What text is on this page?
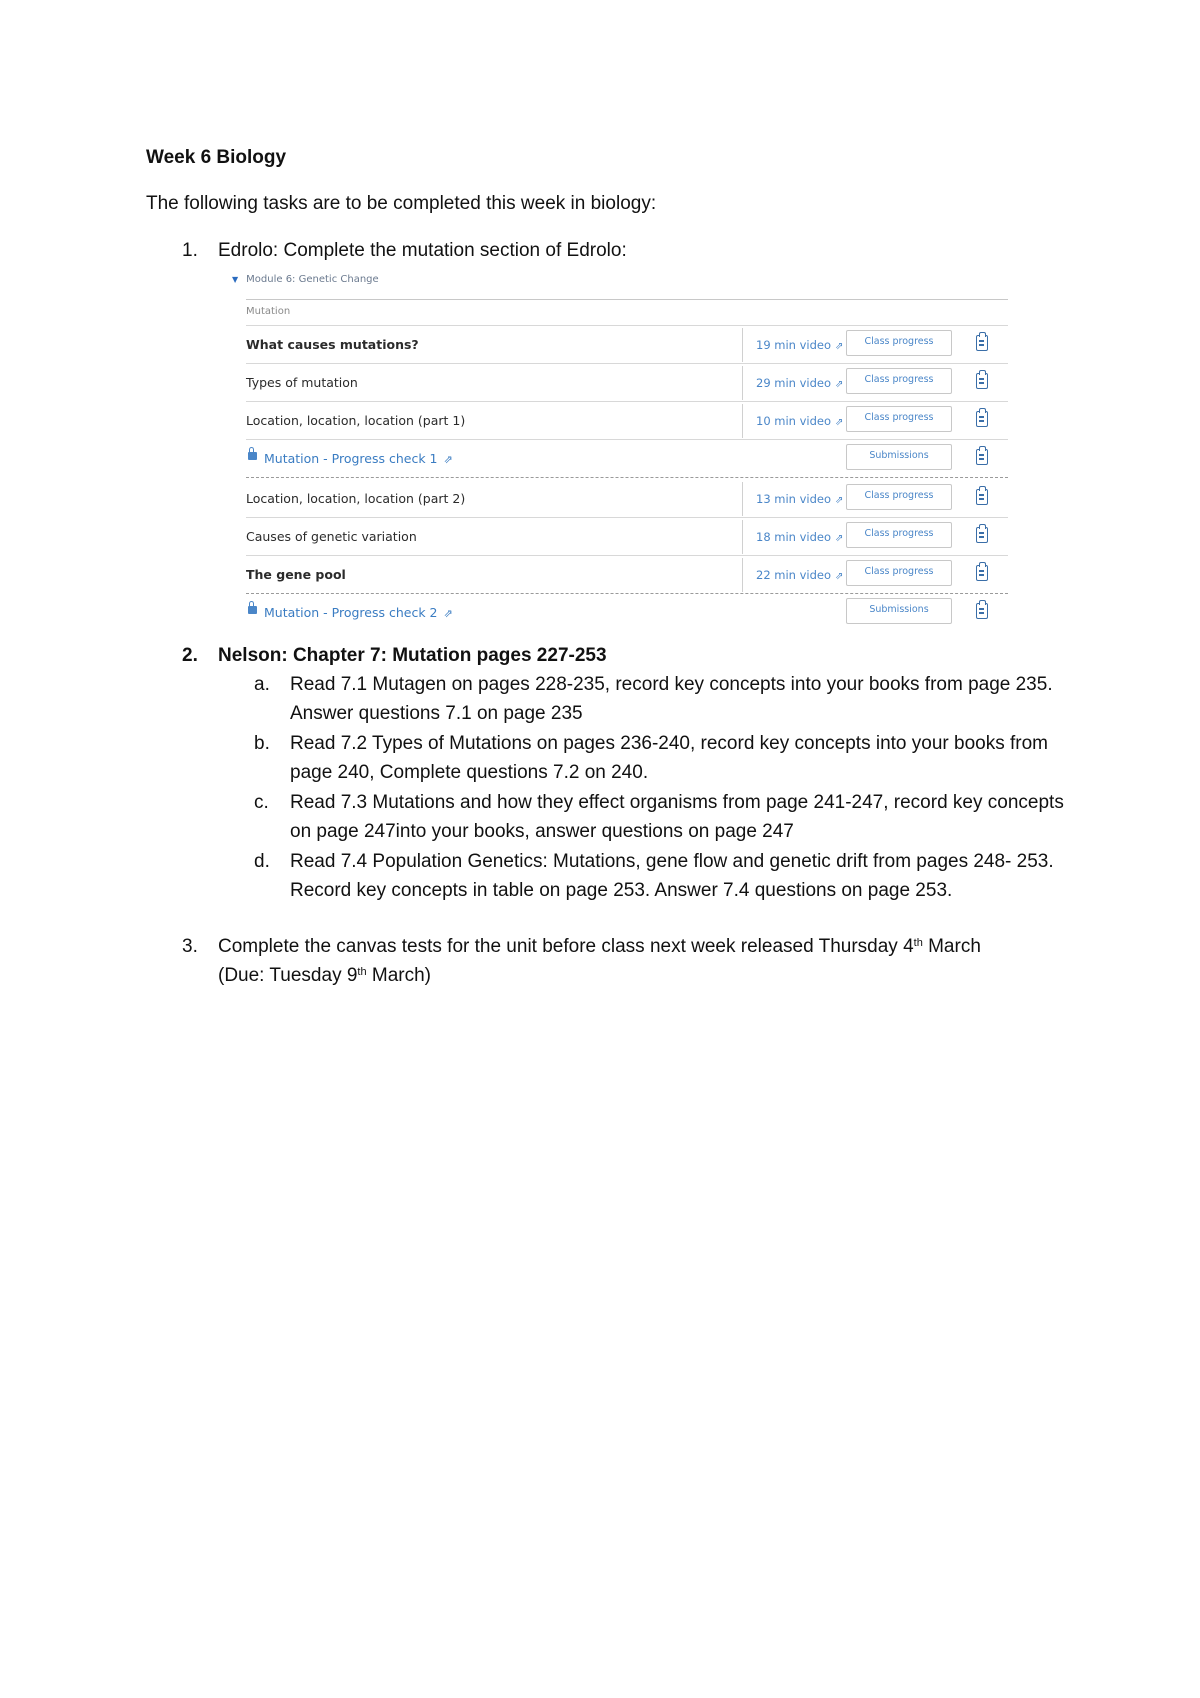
Week 6 Biology
The following tasks are to be completed this week in biology:
1.	Edrolo: Complete the mutation section of Edrolo:
▼ Module 6: Genetic Change
Mutation
What causes mutations?	19 min video ⇗	Class progress
Types of mutation	29 min video ⇗	Class progress
Location, location, location (part 1)	10 min video ⇗	Class progress
Mutation - Progress check 1 ⇗	Submissions
Location, location, location (part 2)	13 min video ⇗	Class progress
Causes of genetic variation	18 min video ⇗	Class progress
The gene pool	22 min video ⇗	Class progress
Mutation - Progress check 2 ⇗	Submissions
2.	Nelson: Chapter 7: Mutation pages 227-253
a.	Read 7.1 Mutagen on pages 228-235, record key concepts into your books from page 235. Answer questions 7.1 on page 235
b.	Read 7.2 Types of Mutations on pages 236-240, record key concepts into your books from page 240, Complete questions 7.2 on 240.
c.	Read 7.3 Mutations and how they effect organisms from page 241-247, record key concepts on page 247into your books, answer questions on page 247
d.	Read 7.4 Population Genetics: Mutations, gene flow and genetic drift from pages 248- 253. Record key concepts in table on page 253. Answer 7.4 questions on page 253.
3.	Complete the canvas tests for the unit before class next week released Thursday 4th March
(Due: Tuesday 9th March)
